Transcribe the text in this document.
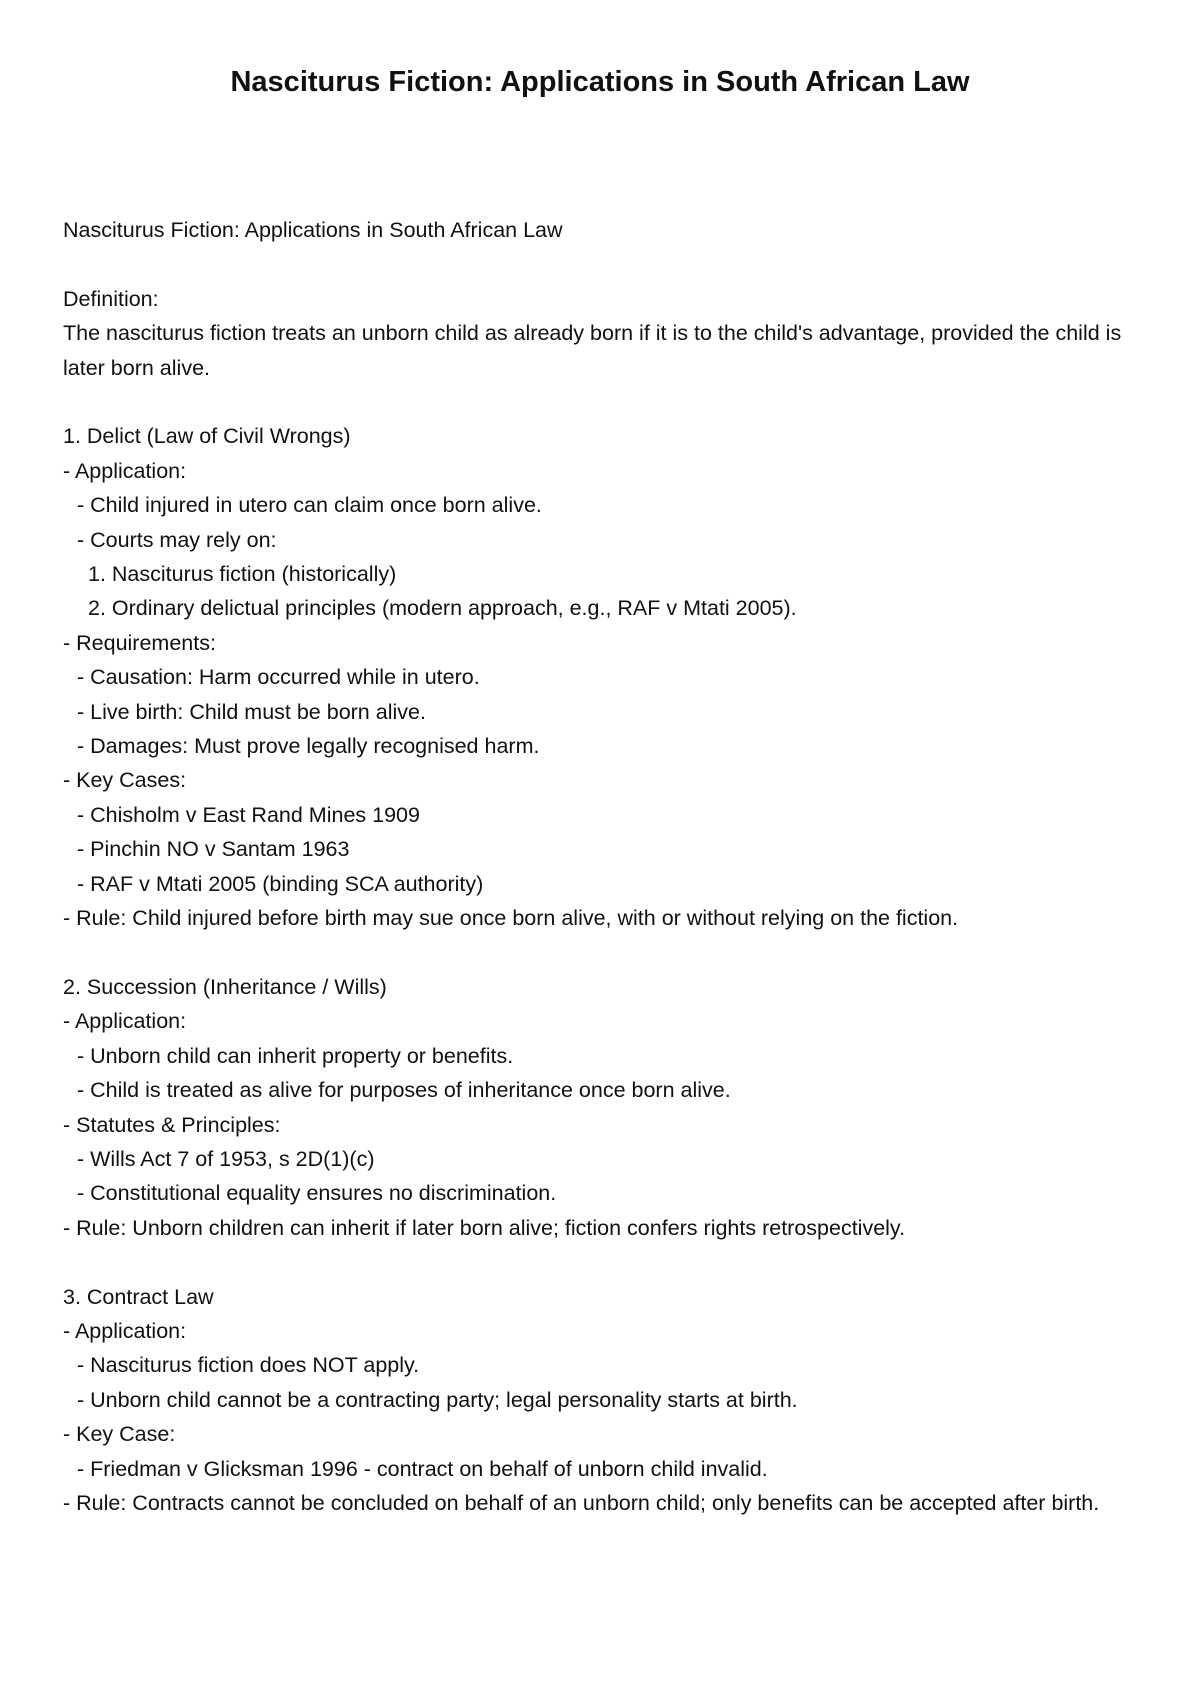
Nasciturus Fiction: Applications in South African Law
Nasciturus Fiction: Applications in South African Law
Definition:
The nasciturus fiction treats an unborn child as already born if it is to the child's advantage, provided the child is later born alive.
1. Delict (Law of Civil Wrongs)
- Application:
- Child injured in utero can claim once born alive.
- Courts may rely on:
1. Nasciturus fiction (historically)
2. Ordinary delictual principles (modern approach, e.g., RAF v Mtati 2005).
- Requirements:
- Causation: Harm occurred while in utero.
- Live birth: Child must be born alive.
- Damages: Must prove legally recognised harm.
- Key Cases:
- Chisholm v East Rand Mines 1909
- Pinchin NO v Santam 1963
- RAF v Mtati 2005 (binding SCA authority)
- Rule: Child injured before birth may sue once born alive, with or without relying on the fiction.
2. Succession (Inheritance / Wills)
- Application:
- Unborn child can inherit property or benefits.
- Child is treated as alive for purposes of inheritance once born alive.
- Statutes & Principles:
- Wills Act 7 of 1953, s 2D(1)(c)
- Constitutional equality ensures no discrimination.
- Rule: Unborn children can inherit if later born alive; fiction confers rights retrospectively.
3. Contract Law
- Application:
- Nasciturus fiction does NOT apply.
- Unborn child cannot be a contracting party; legal personality starts at birth.
- Key Case:
- Friedman v Glicksman 1996 - contract on behalf of unborn child invalid.
- Rule: Contracts cannot be concluded on behalf of an unborn child; only benefits can be accepted after birth.
